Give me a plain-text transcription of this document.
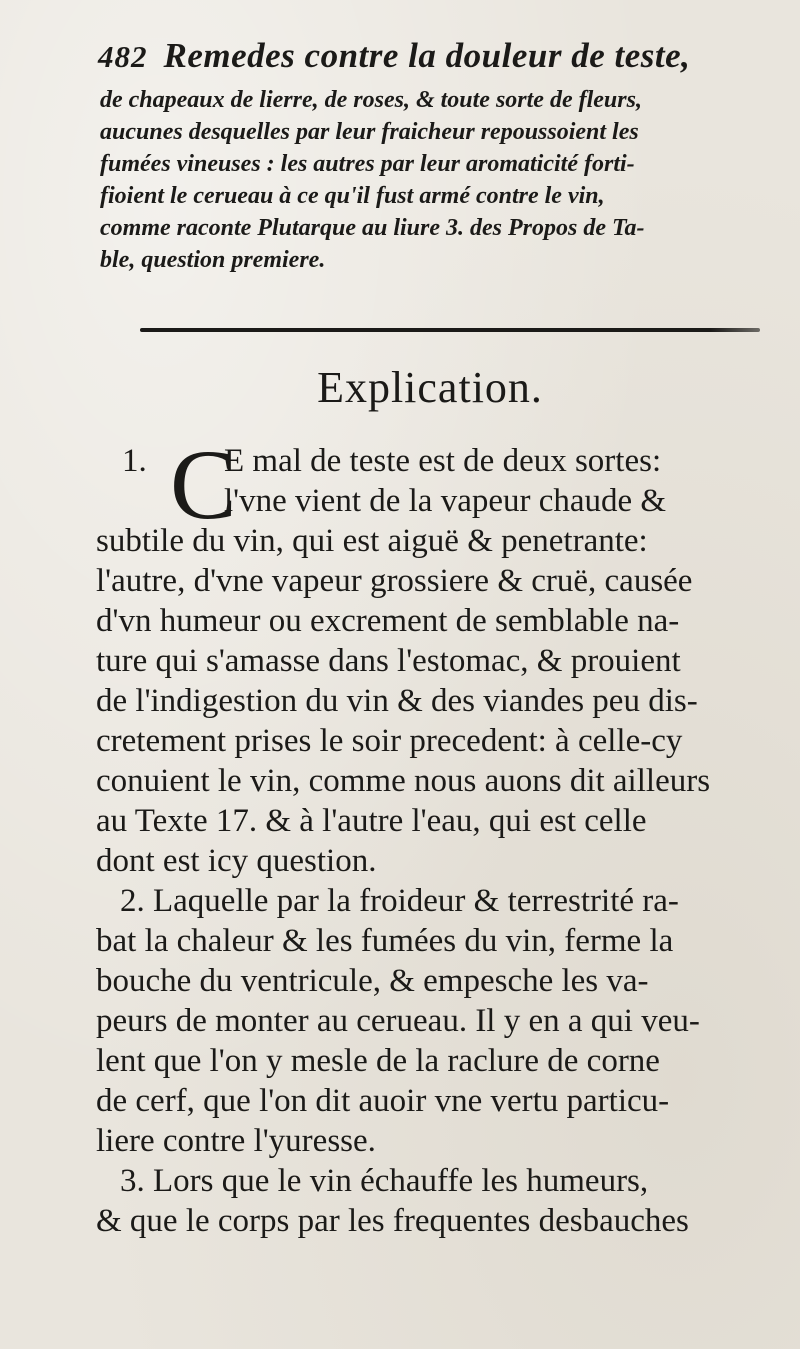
482 Remedes contre la douleur de teste,
de chapeaux de lierre, de roses, & toute sorte de fleurs,
aucunes desquelles par leur fraicheur repoussoient les
fumées vineuses : les autres par leur aromaticité forti-
fioient le cerueau à ce qu'il fust armé contre le vin,
comme raconte Plutarque au liure 3. des Propos de Ta-
ble, question premiere.
Explication.
C
1. E mal de teste est de deux sortes:
l'vne vient de la vapeur chaude &
subtile du vin, qui est aiguë & penetrante:
l'autre, d'vne vapeur grossiere & cruë, causée
d'vn humeur ou excrement de semblable na-
ture qui s'amasse dans l'estomac, & prouient
de l'indigestion du vin & des viandes peu dis-
cretement prises le soir precedent: à celle-cy
conuient le vin, comme nous auons dit ailleurs
au Texte 17. & à l'autre l'eau, qui est celle
dont est icy question.
2. Laquelle par la froideur & terrestrité ra-
bat la chaleur & les fumées du vin, ferme la
bouche du ventricule, & empesche les va-
peurs de monter au cerueau. Il y en a qui veu-
lent que l'on y mesle de la raclure de corne
de cerf, que l'on dit auoir vne vertu particu-
liere contre l'yuresse.
3. Lors que le vin échauffe les humeurs,
& que le corps par les frequentes desbauches
